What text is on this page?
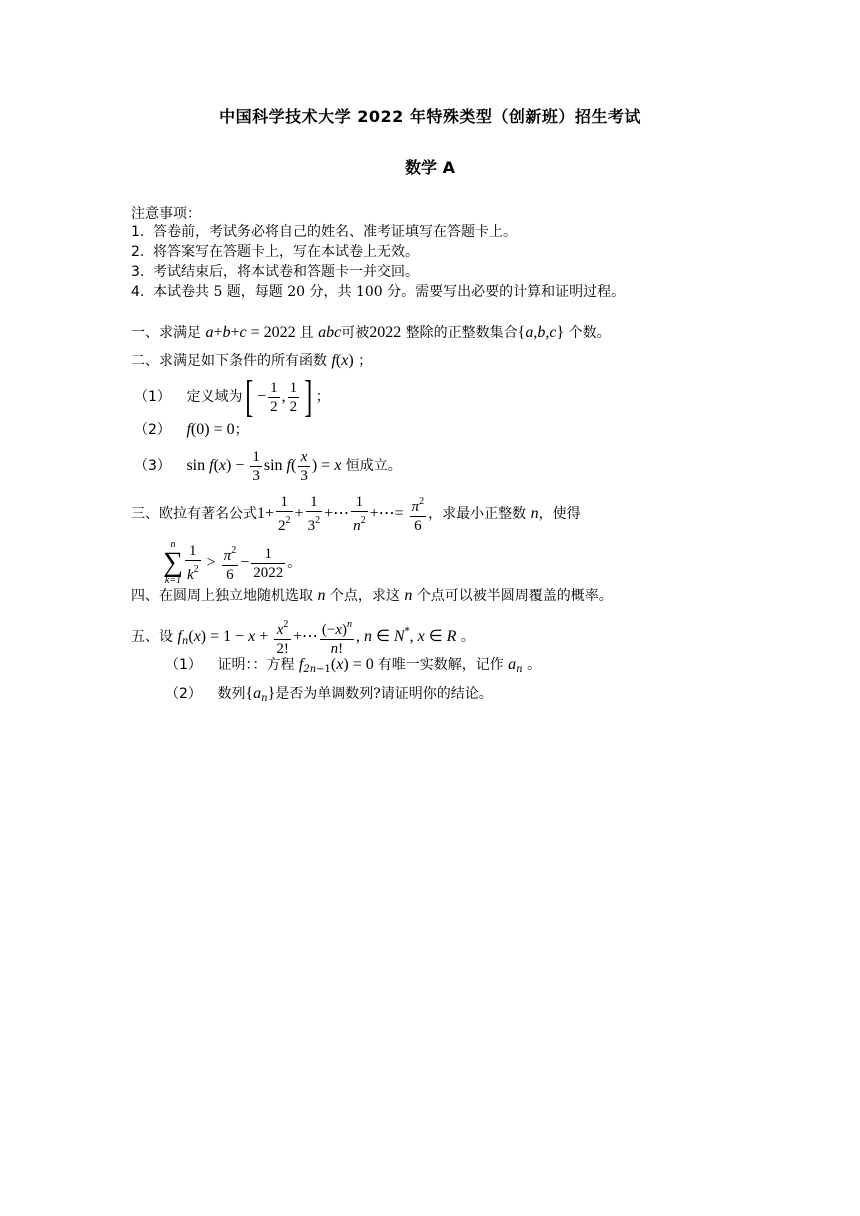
中国科学技术大学 2022 年特殊类型（创新班）招生考试
数学 A
注意事项：
1. 答卷前，考试务必将自己的姓名、准考证填写在答题卡上。
2. 将答案写在答题卡上，写在本试卷上无效。
3. 考试结束后，将本试卷和答题卡一并交回。
4. 本试卷共 5 题，每题 20 分，共 100 分。需要写出必要的计算和证明过程。
一、求满足 a+b+c = 2022 且 abc可被2022 整除的正整数集合{a,b,c} 个数。
二、求满足如下条件的所有函数 f(x) ；
（1） 定义域为[ − $\frac{1}{2}$ , $\frac{1}{2}$ ] ；
（2） f(0) = 0；
（3） $\sin f(x) - \frac{1}{3}$ $\sin f( \frac{x}{3}$ ) = x 恒成立。
三、欧拉有著名公式$1+ \frac{1}{2^2} + \frac{1}{3^2}$ +⋯ $\frac{1}{n^2}$ +⋯= $\frac{\pi^2}{6}$ ，求最小正整数 n，使得
n
∑
$k=1 \frac{1}{k^2} > \frac{\pi^2}{6} - \frac{1}{2022}$ 。
四、在圆周上独立地随机选取 n 个点，求这 n 个点可以被半圆周覆盖的概率。
五、设 $f_n(x) = 1 - x + \frac{x^2}{2!}$ +⋯ $\frac{(-x)^n}{n!}$ , n ∈ N*, x ∈ R 。
（1） 证明：：方程 $f_{2n-1}(x) = 0$ 有唯一实数解，记作 $a_n$ 。
（2） 数列$\{a_n\}$是否为单调数列?请证明你的结论。
